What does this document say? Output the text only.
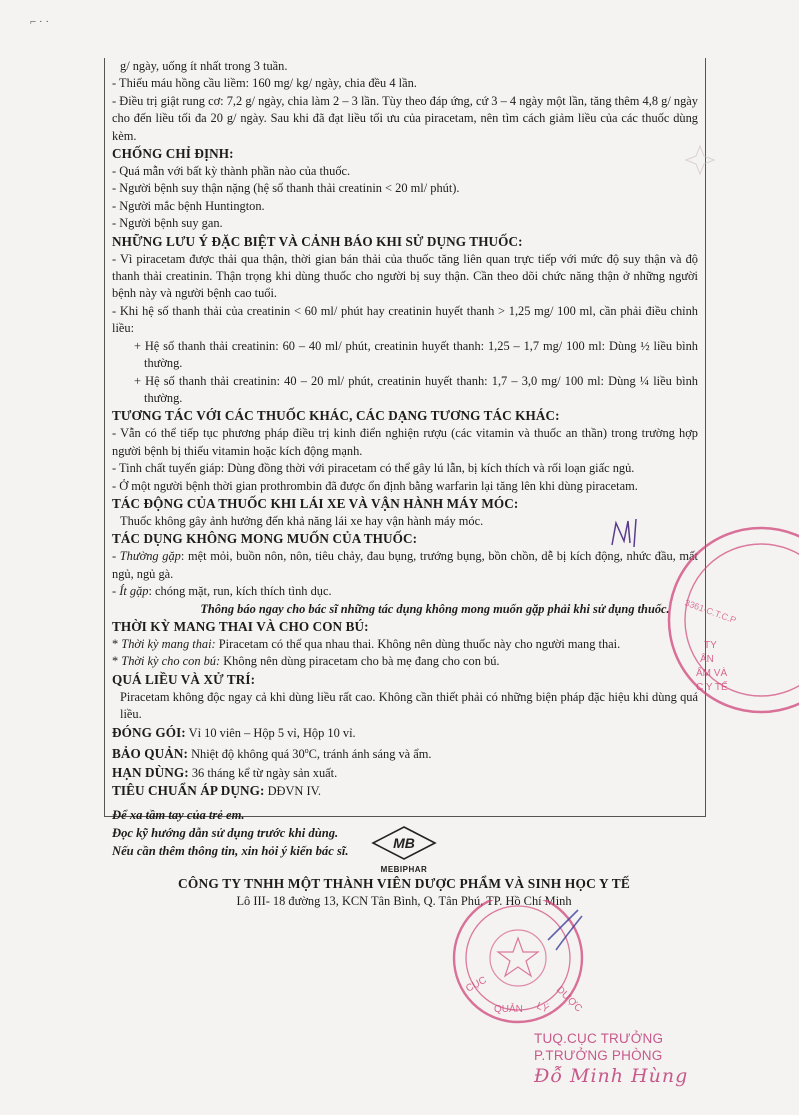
⌐ · ·

g/ ngày, uống ít nhất trong 3 tuần.

- Thiếu máu hồng cầu liềm: 160 mg/ kg/ ngày, chia đều 4 lần.

- Điều trị giật rung cơ: 7,2 g/ ngày, chia làm 2 – 3 lần. Tùy theo đáp ứng, cứ 3 – 4 ngày một lần, tăng thêm 4,8 g/ ngày cho đến liều tối đa 20 g/ ngày. Sau khi đã đạt liều tối ưu của piracetam, nên tìm cách giảm liều của các thuốc dùng kèm.

CHỐNG CHỈ ĐỊNH:

- Quá mẫn với bất kỳ thành phần nào của thuốc.

- Người bệnh suy thận nặng (hệ số thanh thải creatinin < 20 ml/ phút).

- Người mắc bệnh Huntington.

- Người bệnh suy gan.

NHỮNG LƯU Ý ĐẶC BIỆT VÀ CẢNH BÁO KHI SỬ DỤNG THUỐC:

- Vì piracetam được thải qua thận, thời gian bán thải của thuốc tăng liên quan trực tiếp với mức độ suy thận và độ thanh thải creatinin. Thận trọng khi dùng thuốc cho người bị suy thận. Cần theo dõi chức năng thận ở những người bệnh này và người bệnh cao tuổi.

- Khi hệ số thanh thải của creatinin < 60 ml/ phút hay creatinin huyết thanh > 1,25 mg/ 100 ml, cần phải điều chỉnh liều:

+ Hệ số thanh thải creatinin: 60 – 40 ml/ phút, creatinin huyết thanh: 1,25 – 1,7 mg/ 100 ml: Dùng ½ liều bình thường.

+ Hệ số thanh thải creatinin: 40 – 20 ml/ phút, creatinin huyết thanh: 1,7 – 3,0 mg/ 100 ml: Dùng ¼ liều bình thường.

TƯƠNG TÁC VỚI CÁC THUỐC KHÁC, CÁC DẠNG TƯƠNG TÁC KHÁC:

- Vẫn có thể tiếp tục phương pháp điều trị kinh điển nghiện rượu (các vitamin và thuốc an thần) trong trường hợp người bệnh bị thiếu vitamin hoặc kích động mạnh.

- Tinh chất tuyến giáp: Dùng đồng thời với piracetam có thể gây lú lẫn, bị kích thích và rối loạn giấc ngủ.

- Ở một người bệnh thời gian prothrombin đã được ổn định bằng warfarin lại tăng lên khi dùng piracetam.

TÁC ĐỘNG CỦA THUỐC KHI LÁI XE VÀ VẬN HÀNH MÁY MÓC:

Thuốc không gây ảnh hưởng đến khả năng lái xe hay vận hành máy móc.

TÁC DỤNG KHÔNG MONG MUỐN CỦA THUỐC:

- Thường gặp: mệt mỏi, buồn nôn, nôn, tiêu chảy, đau bụng, trướng bụng, bồn chồn, dễ bị kích động, nhức đầu, mất ngủ, ngủ gà.

- Ít gặp: chóng mặt, run, kích thích tình dục.

Thông báo ngay cho bác sĩ những tác dụng không mong muốn gặp phải khi sử dụng thuốc.

THỜI KỲ MANG THAI VÀ CHO CON BÚ:

* Thời kỳ mang thai: Piracetam có thể qua nhau thai. Không nên dùng thuốc này cho người mang thai.

* Thời kỳ cho con bú: Không nên dùng piracetam cho bà mẹ đang cho con bú.

QUÁ LIỀU VÀ XỬ TRÍ:

Piracetam không độc ngay cả khi dùng liều rất cao. Không cần thiết phải có những biện pháp đặc hiệu khi dùng quá liều.

ĐÓNG GÓI: Vỉ 10 viên – Hộp 5 vỉ, Hộp 10 vỉ.

BẢO QUẢN: Nhiệt độ không quá 30$^o$C, tránh ánh sáng và ẩm.

HẠN DÙNG: 36 tháng kể từ ngày sản xuất.

TIÊU CHUẨN ÁP DỤNG: DĐVN IV.

Để xa tầm tay của trẻ em.

Đọc kỹ hướng dẫn sử dụng trước khi dùng.

Nếu cần thêm thông tin, xin hỏi ý kiến bác sĩ.

MB
MEBIPHAR
CÔNG TY TNHH MỘT THÀNH VIÊN DƯỢC PHẨM VÀ SINH HỌC Y TẾ
Lô III- 18 đường 13, KCN Tân Bình, Q. Tân Phú, TP. Hồ Chí Minh
TY
ẨN
ẨM VÀ
C Y TẾ
3361-C.T.C.P
CỤC
QUẢN LÝ DƯỢC
TUQ.CỤC TRƯỞNG
P.TRƯỞNG PHÒNG
Đỗ Minh Hùng
